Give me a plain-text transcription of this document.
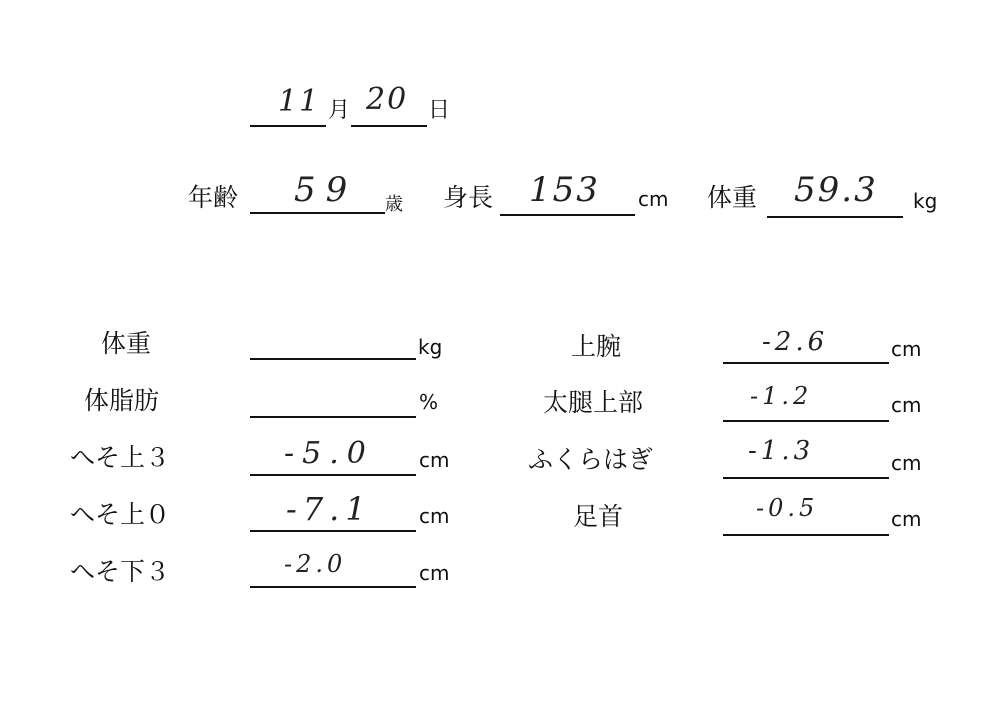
11 月 20 日
年齢 59 歳 身長 153 cm 体重 59.3 kg
体重	kg
体脂肪	%
へそ上３	-5.0 cm
へそ上０	-7.1 cm
へそ下３	-2.0	cm
上腕	-2.6	cm
太腿上部	-1.2	cm
ふくらはぎ	-1.3	cm
足首	-0.5	cm
